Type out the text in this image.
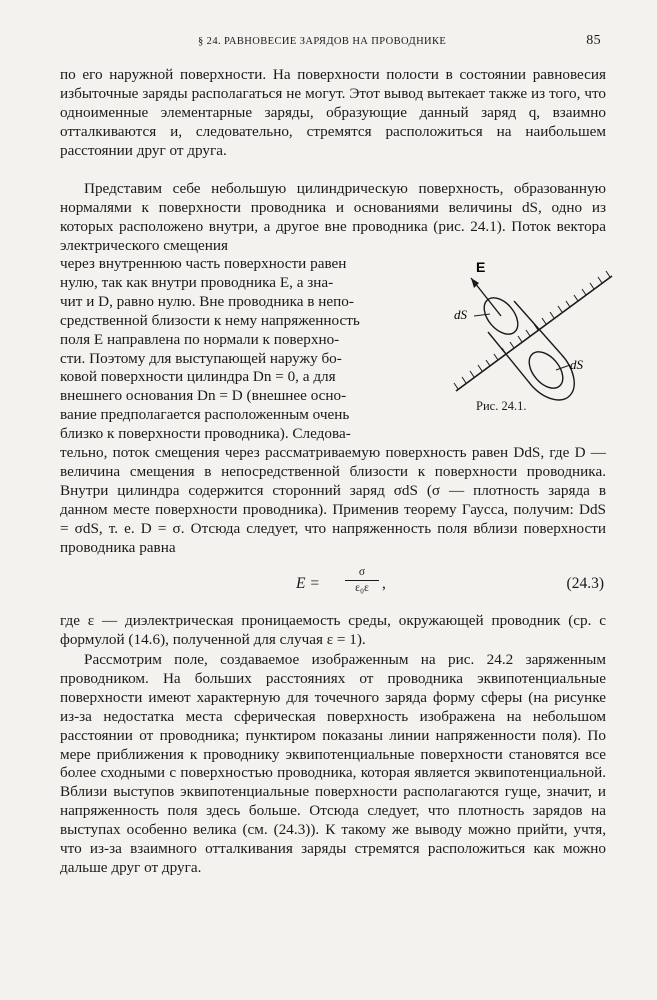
§ 24. РАВНОВЕСИЕ ЗАРЯДОВ НА ПРОВОДНИКЕ	85

по его наружной поверхности. На поверхности полости в состоянии равновесия избыточные заряды располагаться не могут. Этот вывод вытекает также из того, что одноименные элементарные заряды, образующие данный заряд q, взаимно отталкиваются и, следовательно, стремятся расположиться на наибольшем расстоянии друг от друга.

Представим себе небольшую цилиндрическую поверхность, образованную нормалями к поверхности проводника и основаниями величины dS, одно из которых расположено внутри, а другое вне проводника (рис. 24.1). Поток вектора электрического смещения

через внутреннюю часть поверхности равен
нулю, так как внутри проводника E, а зна-
чит и D, равно нулю. Вне проводника в непо-
средственной близости к нему напряженность
поля E направлена по нормали к поверхно-
сти. Поэтому для выступающей наружу бо-
ковой поверхности цилиндра Dn = 0, а для
внешнего основания Dn = D (внешнее осно-
вание предполагается расположенным очень
близко к поверхности проводника). Следова-

тельно, поток смещения через рассматриваемую поверхность равен DdS, где D — величина смещения в непосредственной близости к поверхности проводника. Внутри цилиндра содержится сторонний заряд σdS (σ — плотность заряда в данном месте поверхности проводника). Применив теорему Гаусса, получим: DdS = σdS, т. е. D = σ. Отсюда следует, что напряженность поля вблизи поверхности проводника равна

E
dS
dS
Рис. 24.1.
E =
σ
ε₀ε ,	(24.3)

где ε — диэлектрическая проницаемость среды, окружающей проводник (ср. с формулой (14.6), полученной для случая ε = 1).

Рассмотрим поле, создаваемое изображенным на рис. 24.2 заряженным проводником. На больших расстояниях от проводника эквипотенциальные поверхности имеют характерную для точечного заряда форму сферы (на рисунке из-за недостатка места сферическая поверхность изображена на небольшом расстоянии от проводника; пунктиром показаны линии напряженности поля). По мере приближения к проводнику эквипотенциальные поверхности становятся все более сходными с поверхностью проводника, которая является эквипотенциальной. Вблизи выступов эквипотенциальные поверхности располагаются гуще, значит, и напряженность поля здесь больше. Отсюда следует, что плотность зарядов на выступах особенно велика (см. (24.3)). К такому же выводу можно прийти, учтя, что из-за взаимного отталкивания заряды стремятся расположиться как можно дальше друг от друга.
